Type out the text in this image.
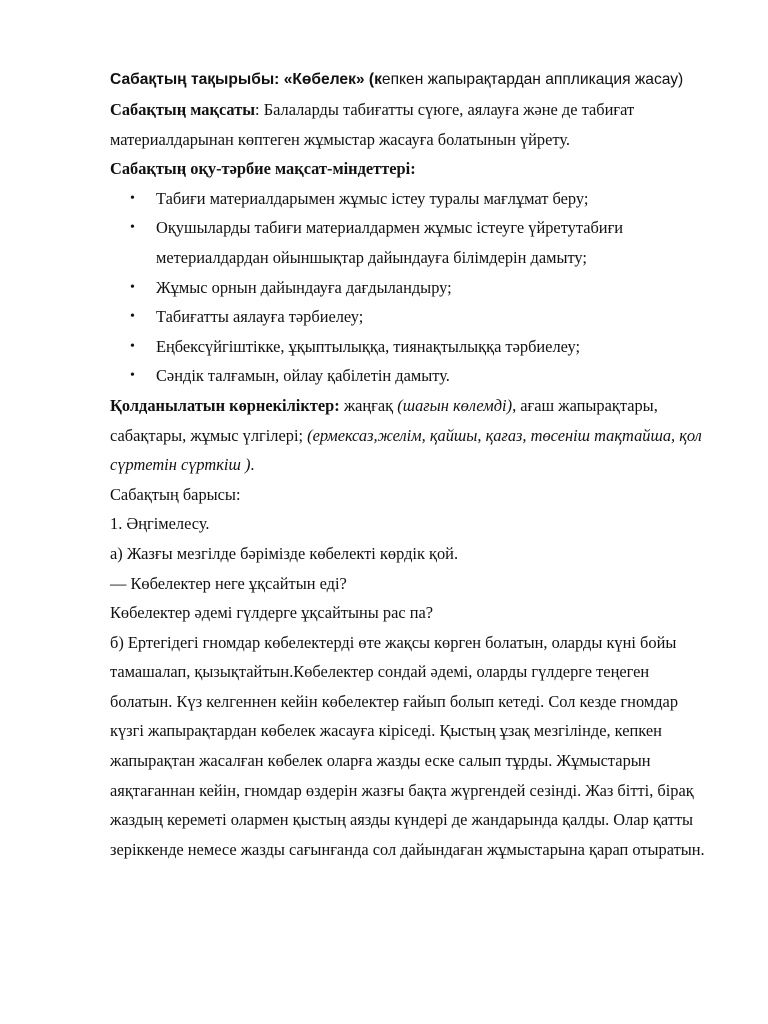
Сабақтың тақырыбы: «Көбелек» (кепкен жапырақтардан аппликация жасау)

Сабақтың мақсаты: Балаларды табиғатты сүюге, аялауға және де табиғат материалдарынан көптеген жұмыстар жасауға болатынын үйрету.

Сабақтың оқу-тәрбие мақсат-міндеттері:

• Табиғи материалдарымен жұмыс істеу туралы мағлұмат беру;
• Оқушыларды табиғи материалдармен жұмыс істеуге үйретутабиғи метериалдардан ойыншықтар дайындауға білімдерін дамыту;
• Жұмыс орнын дайындауға дағдыландыру;
• Табиғатты аялауға тәрбиелеу;
• Еңбексүйгіштікке, ұқыптылыққа, тиянақтылыққа тәрбиелеу;
• Сәндік талғамын, ойлау қабілетін дамыту.

Қолданылатын көрнекіліктер: жаңғақ (шағын көлемді), ағаш жапырақтары, сабақтары, жұмыс үлгілері; (ермексаз,желім, қайшы, қағаз, төсеніш тақтайша, қол сүртетін сүрткіш ).

Сабақтың барысы:

1. Әңгімелесу.

а) Жазғы мезгілде бәрімізде көбелекті көрдік қой.

— Көбелектер неге ұқсайтын еді?

Көбелектер әдемі гүлдерге ұқсайтыны рас па?

б) Ертегідегі гномдар көбелектерді өте жақсы көрген болатын, оларды күні бойы тамашалап, қызықтайтын.Көбелектер сондай әдемі, оларды гүлдерге теңеген болатын. Күз келгеннен кейін көбелектер ғайып болып кетеді. Сол кезде гномдар күзгі жапырақтардан көбелек жасауға кіріседі. Қыстың ұзақ мезгілінде, кепкен жапырақтан жасалған көбелек оларға жазды еске салып тұрды. Жұмыстарын аяқтағаннан кейін, гномдар өздерін жазғы бақта жүргендей сезінді. Жаз бітті, бірақ жаздың кереметі олармен қыстың аязды күндері де жандарында қалды. Олар қатты зеріккенде немесе жазды сағынғанда сол дайындаған жұмыстарына қарап отыратын.
